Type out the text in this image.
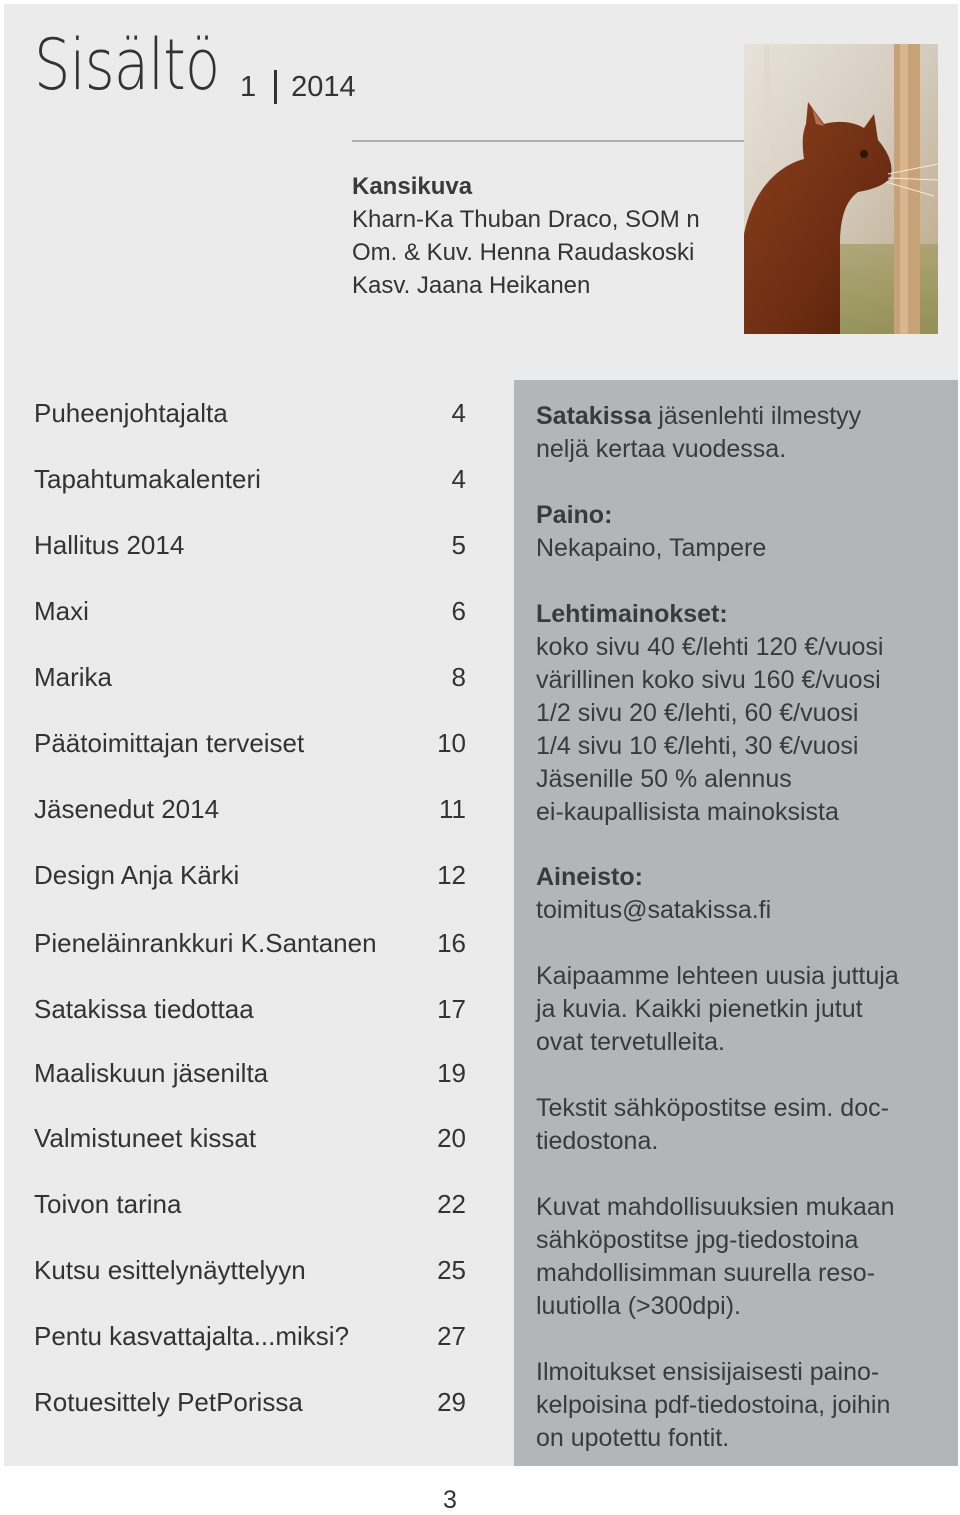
Sisältö 1 2014
Kansikuva
Kharn-Ka Thuban Draco, SOM n
Om. & Kuv. Henna Raudaskoski
Kasv. Jaana Heikanen
Puheenjohtajalta	4
Tapahtumakalenteri	4
Hallitus 2014	5
Maxi	6
Marika	8
Päätoimittajan terveiset	10
Jäsenedut 2014	11
Design Anja Kärki	12
Pieneläinrankkuri K.Santanen 16
Satakissa tiedottaa	17
Maaliskuun jäsenilta	19
Valmistuneet kissat	20
Toivon tarina	22
Kutsu esittelynäyttelyyn	25
Pentu kasvattajalta...miksi?	27
Rotuesittely PetPorissa	29
Satakissa jäsenlehti ilmestyy
neljä kertaa vuodessa.
Paino:
Nekapaino, Tampere
Lehtimainokset:
koko sivu 40 €/lehti 120 €/vuosi
värillinen koko sivu 160 €/vuosi
1/2 sivu 20 €/lehti, 60 €/vuosi
1/4 sivu 10 €/lehti, 30 €/vuosi
Jäsenille 50 % alennus
ei-kaupallisista mainoksista
Aineisto:
toimitus@satakissa.fi
Kaipaamme lehteen uusia juttuja
ja kuvia. Kaikki pienetkin jutut
ovat tervetulleita.
Tekstit sähköpostitse esim. doc-
tiedostona.
Kuvat mahdollisuuksien mukaan
sähköpostitse jpg-tiedostoina
mahdollisimman suurella reso-
luutiolla (>300dpi).
Ilmoitukset ensisijaisesti paino-
kelpoisina pdf-tiedostoina, joihin
on upotettu fontit.
3
